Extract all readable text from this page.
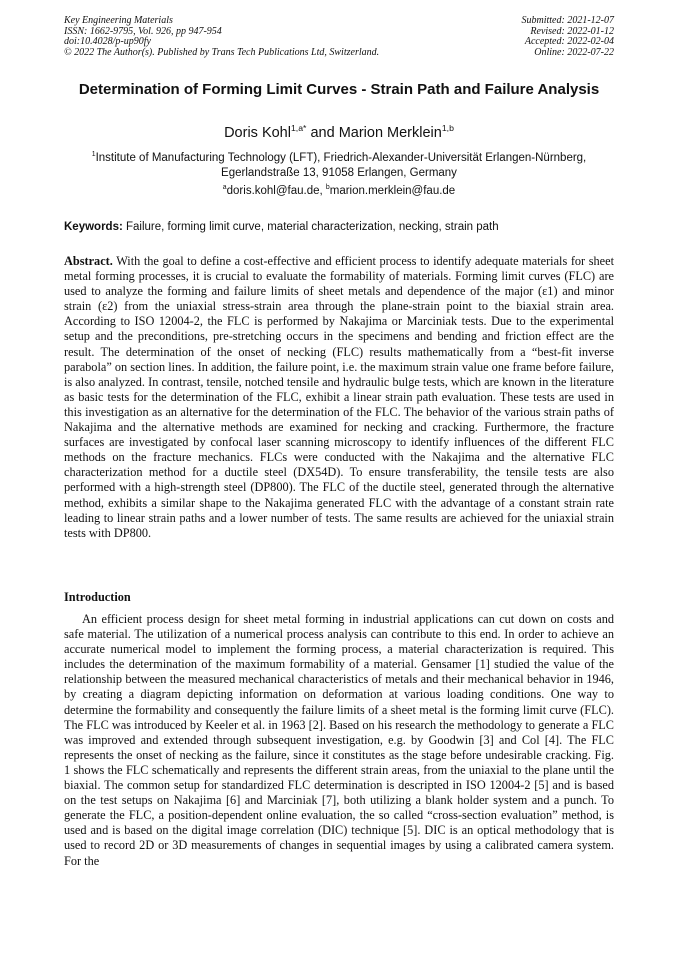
Key Engineering Materials
ISSN: 1662-9795, Vol. 926, pp 947-954
doi:10.4028/p-up90fy
© 2022 The Author(s). Published by Trans Tech Publications Ltd, Switzerland.
Submitted: 2021-12-07
Revised: 2022-01-12
Accepted: 2022-02-04
Online: 2022-07-22
Determination of Forming Limit Curves - Strain Path and Failure Analysis
Doris Kohl$^{1,a*}$ and Marion Merklein$^{1,b}$
$^1$Institute of Manufacturing Technology (LFT), Friedrich-Alexander-Universität Erlangen-Nürnberg, Egerlandstraße 13, 91058 Erlangen, Germany
$^a$doris.kohl@fau.de, $^b$marion.merklein@fau.de
Keywords: Failure, forming limit curve, material characterization, necking, strain path

Abstract. With the goal to define a cost-effective and efficient process to identify adequate materials for sheet metal forming processes, it is crucial to evaluate the formability of materials. Forming limit curves (FLC) are used to analyze the forming and failure limits of sheet metals and dependence of the major (ε1) and minor strain (ε2) from the uniaxial stress-strain area through the plane-strain point to the biaxial strain area. According to ISO 12004-2, the FLC is performed by Nakajima or Marciniak tests. Due to the experimental setup and the preconditions, pre-stretching occurs in the specimens and bending and friction effect are the result. The determination of the onset of necking (FLC) results mathematically from a “best-fit inverse parabola” on section lines. In addition, the failure point, i.e. the maximum strain value one frame before failure, is also analyzed. In contrast, tensile, notched tensile and hydraulic bulge tests, which are known in the literature as basic tests for the determination of the FLC, exhibit a linear strain path evaluation. These tests are used in this investigation as an alternative for the determination of the FLC. The behavior of the various strain paths of Nakajima and the alternative methods are examined for necking and cracking. Furthermore, the fracture surfaces are investigated by confocal laser scanning microscopy to identify influences of the different FLC methods on the fracture mechanics. FLCs were conducted with the Nakajima and the alternative FLC characterization method for a ductile steel (DX54D). To ensure transferability, the tensile tests are also performed with a high-strength steel (DP800). The FLC of the ductile steel, generated through the alternative method, exhibits a similar shape to the Nakajima generated FLC with the advantage of a constant strain rate leading to linear strain paths and a lower number of tests. The same results are achieved for the uniaxial strain tests with DP800.

Introduction

An efficient process design for sheet metal forming in industrial applications can cut down on costs and safe material. The utilization of a numerical process analysis can contribute to this end. In order to achieve an accurate numerical model to implement the forming process, a material characterization is required. This includes the determination of the maximum formability of a material. Gensamer [1] studied the value of the relationship between the measured mechanical characteristics of metals and their mechanical behavior in 1946, by creating a diagram depicting information on deformation at various loading conditions. One way to determine the formability and consequently the failure limits of a sheet metal is the forming limit curve (FLC). The FLC was introduced by Keeler et al. in 1963 [2]. Based on his research the methodology to generate a FLC was improved and extended through subsequent investigation, e.g. by Goodwin [3] and Col [4]. The FLC represents the onset of necking as the failure, since it constitutes as the stage before undesirable cracking. Fig. 1 shows the FLC schematically and represents the different strain areas, from the uniaxial to the plane until the biaxial. The common setup for standardized FLC determination is descripted in ISO 12004-2 [5] and is based on the test setups on Nakajima [6] and Marciniak [7], both utilizing a blank holder system and a punch. To generate the FLC, a position-dependent online evaluation, the so called “cross-section evaluation” method, is used and is based on the digital image correlation (DIC) technique [5]. DIC is an optical methodology that is used to record 2D or 3D measurements of changes in sequential images by using a calibrated camera system. For the
